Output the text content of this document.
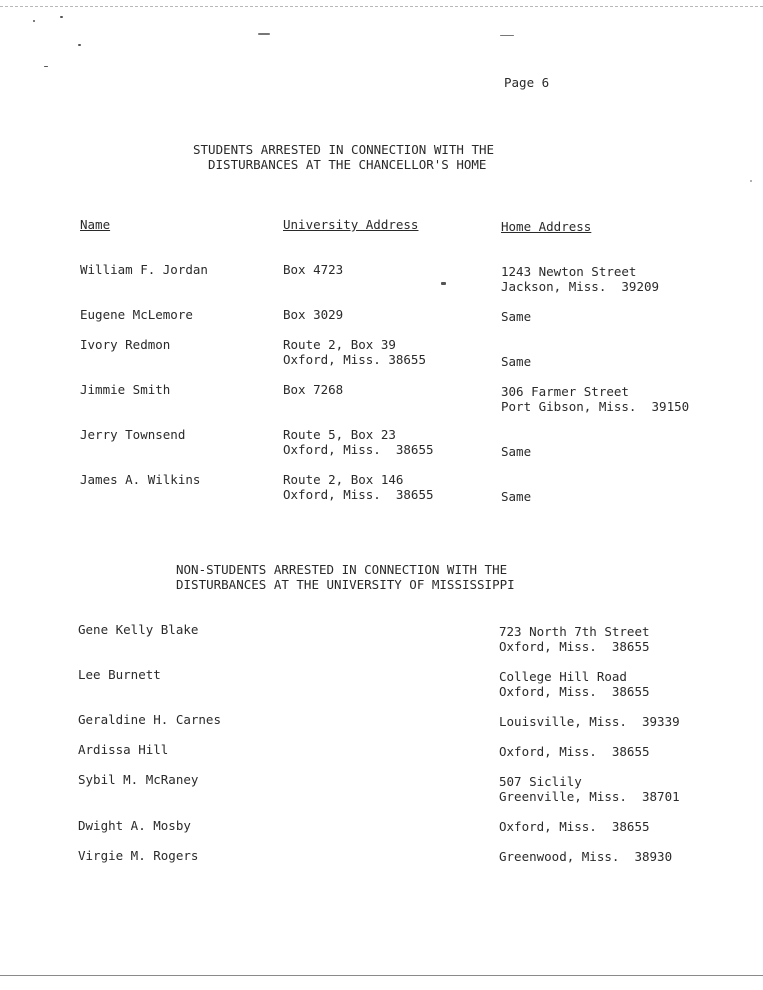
Page 6
STUDENTS ARRESTED IN CONNECTION WITH THE
DISTURBANCES AT THE CHANCELLOR'S HOME
Name	University Address	Home Address
William F. Jordan	Box 4723	1243 Newton Street
Jackson, Miss.  39209
Eugene McLemore	Box 3029	Same
Ivory Redmon	Route 2, Box 39
Oxford, Miss. 38655	Same
Jimmie Smith	Box 7268	306 Farmer Street
Port Gibson, Miss.  39150
Jerry Townsend	Route 5, Box 23
Oxford, Miss.  38655	Same
James A. Wilkins	Route 2, Box 146
Oxford, Miss.  38655	Same
NON-STUDENTS ARRESTED IN CONNECTION WITH THE
DISTURBANCES AT THE UNIVERSITY OF MISSISSIPPI
Gene Kelly Blake	723 North 7th Street
Oxford, Miss.  38655
Lee Burnett	College Hill Road
Oxford, Miss.  38655
Geraldine H. Carnes	Louisville, Miss.  39339
Ardissa Hill	Oxford, Miss.  38655
Sybil M. McRaney	507 Siclily
Greenville, Miss.  38701
Dwight A. Mosby	Oxford, Miss.  38655
Virgie M. Rogers	Greenwood, Miss.  38930
